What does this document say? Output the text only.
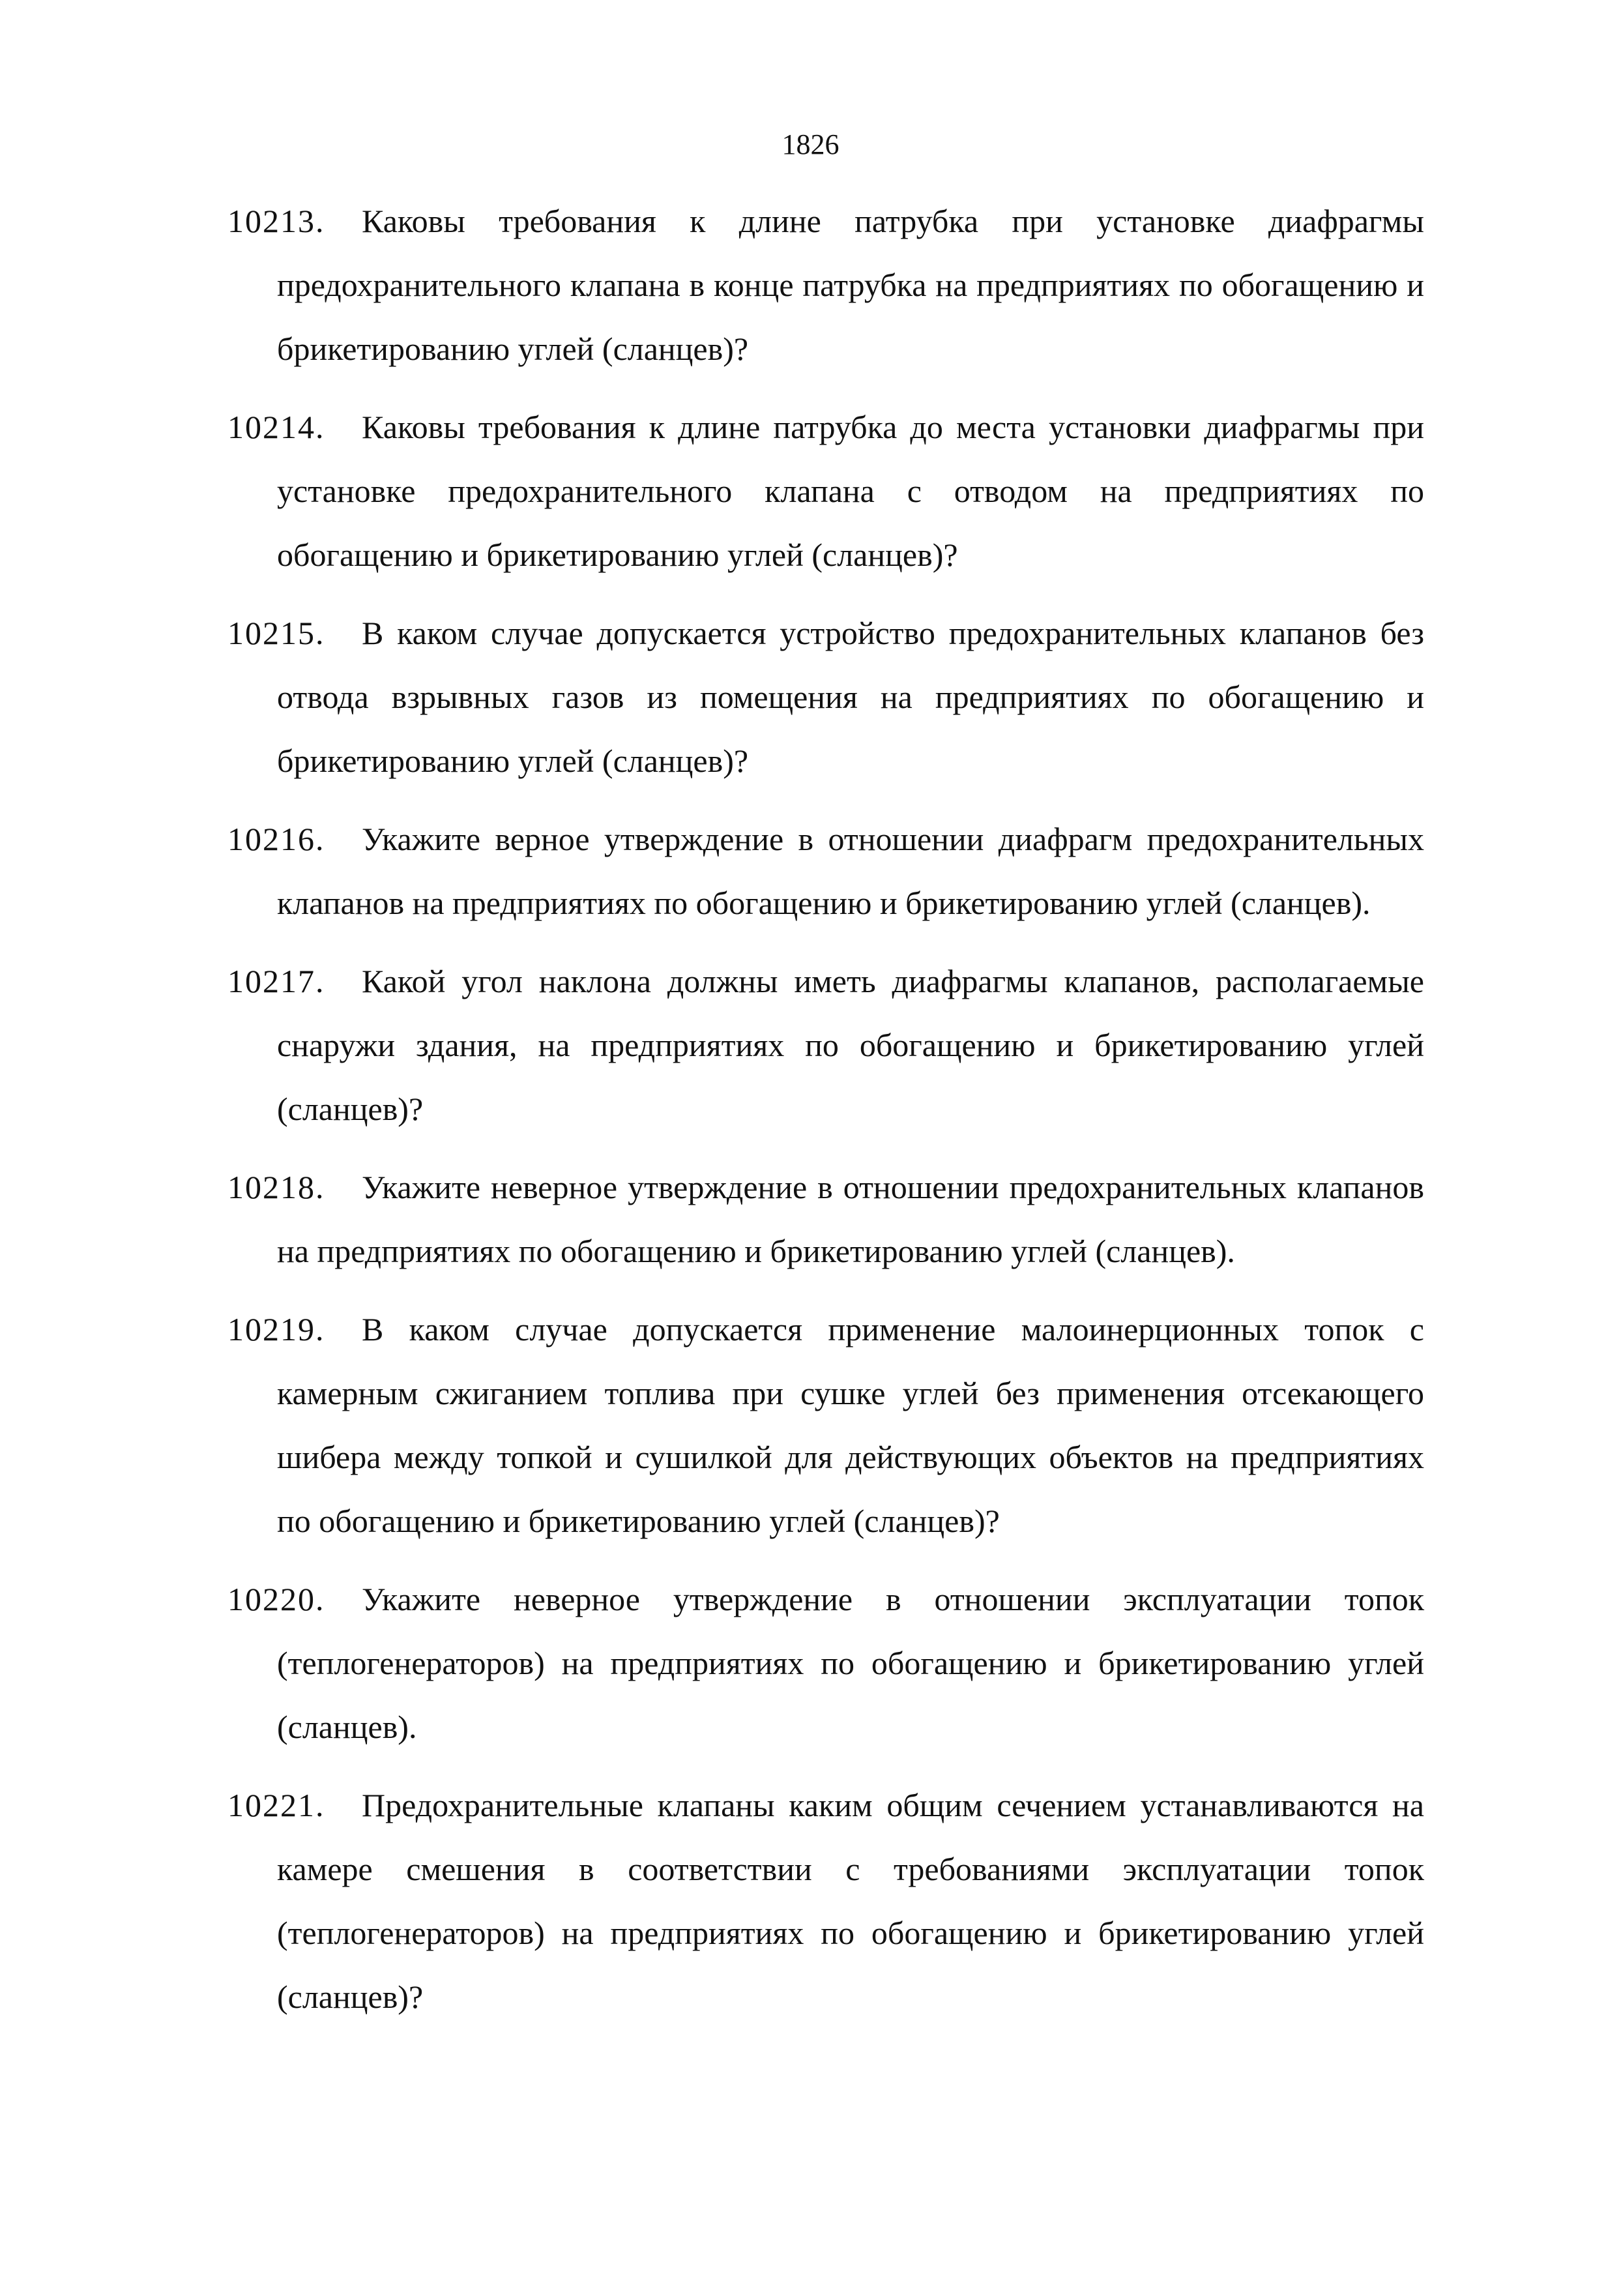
1826
10213.	Каковы требования к длине патрубка при установке диафрагмы предохранительного клапана в конце патрубка на предприятиях по обогащению и брикетированию углей (сланцев)?
10214.	Каковы требования к длине патрубка до места установки диафрагмы при установке предохранительного клапана с отводом на предприятиях по обогащению и брикетированию углей (сланцев)?
10215.	В каком случае допускается устройство предохранительных клапанов без отвода взрывных газов из помещения на предприятиях по обогащению и брикетированию углей (сланцев)?
10216.	Укажите верное утверждение в отношении диафрагм предохранительных клапанов на предприятиях по обогащению и брикетированию углей (сланцев).
10217.	Какой угол наклона должны иметь диафрагмы клапанов, располагаемые снаружи здания, на предприятиях по обогащению и брикетированию углей (сланцев)?
10218.	Укажите неверное утверждение в отношении предохранительных клапанов на предприятиях по обогащению и брикетированию углей (сланцев).
10219.	В каком случае допускается применение малоинерционных топок с камерным сжиганием топлива при сушке углей без применения отсекающего шибера между топкой и сушилкой для действующих объектов на предприятиях по обогащению и брикетированию углей (сланцев)?
10220.	Укажите неверное утверждение в отношении эксплуатации топок (теплогенераторов) на предприятиях по обогащению и брикетированию углей (сланцев).
10221.	Предохранительные клапаны каким общим сечением устанавливаются на камере смешения в соответствии с требованиями эксплуатации топок (теплогенераторов) на предприятиях по обогащению и брикетированию углей (сланцев)?
